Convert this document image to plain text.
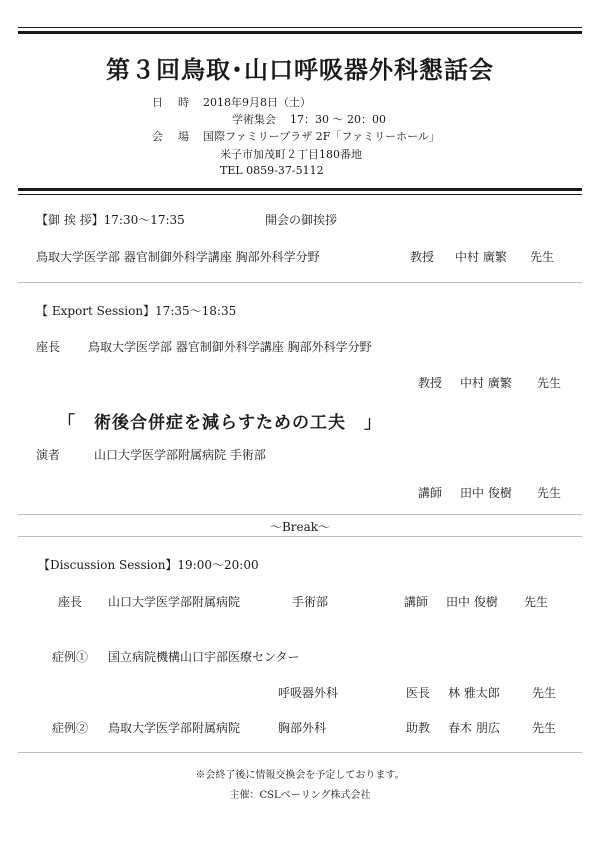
第３回鳥取･山口呼吸器外科懇話会
日　時 2018年9月8日（土）
学術集会 17：30 ～ 20：00
会　場 国際ファミリープラザ 2F「ファミリーホール」
米子市加茂町２丁目180番地
TEL 0859-37-5112
【御 挨 拶】17:30～17:35	開会の御挨拶
鳥取大学医学部 器官制御外科学講座 胸部外科学分野	教授 中村 廣繁 先生
【 Export Session】17:35～18:35
座長 鳥取大学医学部 器官制御外科学講座 胸部外科学分野
教授 中村 廣繁 先生
「　術後合併症を減らすための工夫　」
演者	山口大学医学部附属病院 手術部
講師 田中 俊樹 先生
～Break～
【Discussion Session】19:00～20:00
座長 山口大学医学部附属病院	手術部	講師 田中 俊樹 先生
症例① 国立病院機構山口宇部医療センター
呼吸器外科	医長 林 雅太郎	先生
症例② 鳥取大学医学部附属病院	胸部外科	助教 春木 朋広	先生
※会終了後に情報交換会を予定しております。
主催：CSLベーリング株式会社
